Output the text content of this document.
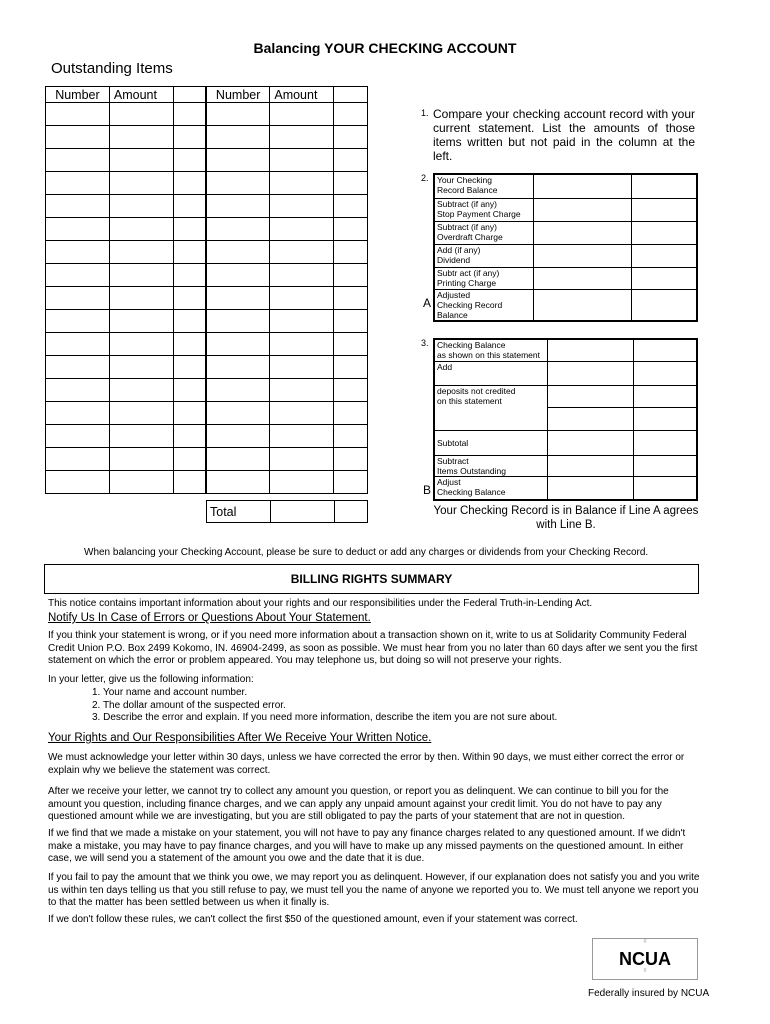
Balancing YOUR CHECKING ACCOUNT
Outstanding Items
Number	Amount		Number	Amount	

Total
1. Compare your checking account record with your current statement. List the amounts of those items written but not paid in the column at the left.
2.
A
Your Checking
Record Balance		
Subtract (if any)
Stop Payment Charge		
Subtract (if any)
Overdraft Charge		
Add (if any)
Dividend		
Subtr act (if any)
Printing Charge		
Adjusted
Checking Record Balance		
3.
B
Checking Balance
as shown on this statement		
Add		
deposits not credited
on this statement		

Subtotal		
Subtract
Items Outstanding		
Adjust
Checking Balance		
Your Checking Record is in Balance if Line A agrees
with Line B.
When balancing your Checking Account, please be sure to deduct or add any charges or dividends from your Checking Record.
BILLING RIGHTS SUMMARY
This notice contains important information about your rights and our responsibilities under the Federal Truth-in-Lending Act.
Notify Us In Case of Errors or Questions About Your Statement.
If you think your statement is wrong, or if you need more information about a transaction shown on it, write to us at Solidarity Community Federal Credit Union P.O. Box 2499 Kokomo, IN. 46904-2499, as soon as possible. We must hear from you no later than 60 days after we sent you the first statement on which the error or problem appeared. You may telephone us, but doing so will not preserve your rights.
In your letter, give us the following information:
1. Your name and account number.
2. The dollar amount of the suspected error.
3. Describe the error and explain. If you need more information, describe the item you are not sure about.
Your Rights and Our Responsibilities After We Receive Your Written Notice.
We must acknowledge your letter within 30 days, unless we have corrected the error by then. Within 90 days, we must either correct the error or explain why we believe the statement was correct.
After we receive your letter, we cannot try to collect any amount you question, or report you as delinquent. We can continue to bill you for the amount you question, including finance charges, and we can apply any unpaid amount against your credit limit. You do not have to pay any questioned amount while we are investigating, but you are still obligated to pay the parts of your statement that are not in question.
If we find that we made a mistake on your statement, you will not have to pay any finance charges related to any questioned amount. If we didn't make a mistake, you may have to pay finance charges, and you will have to make up any missed payments on the questioned amount. In either case, we will send you a statement of the amount you owe and the date that it is due.
If you fail to pay the amount that we think you owe, we may report you as delinquent. However, if our explanation does not satisfy you and you write us within ten days telling us that you still refuse to pay, we must tell you the name of anyone we reported you to. We must tell anyone we report you to that the matter has been settled between us when it finally is.
If we don't follow these rules, we can't collect the first $50 of the questioned amount, even if your statement was correct.
▒
NCUA
▒
Federally insured by NCUA
